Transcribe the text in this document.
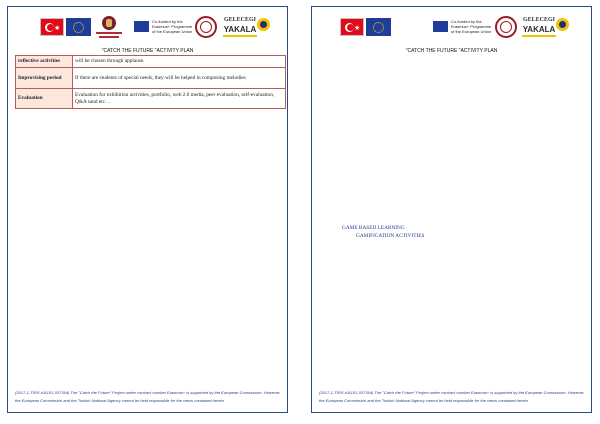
★
Co-funded by the
Erasmus+ Programme
of the European Union
GELECEGI
YAKALA
"CATCH THE FUTURE "ACTIVITY PLAN
reflective activities	will be chosen through applause.
Improvising period	If there are students of special needs, they will be helped in composing melodies
Evaluation	Evaluation for exhibition activities, portfolio, web 2.0 media, peer evaluation, self-evaluation, Q&A sand etc…
(2017-1-TR01-KA101-037364) The "Catch the Future" Project under contract number Erasmus+ is supported by the European Commission. However, the European Commission and the Turkish National Agency cannot be held responsible for the views contained herein.
★
Co-funded by the
Erasmus+ Programme
of the European Union
GELECEGI
YAKALA
"CATCH THE FUTURE "ACTIVITY PLAN
GAME BASED LEARNING
GAMIFICATION ACTIVITIES
(2017-1-TR01-KA101-037364) The "Catch the Future" Project under contract number Erasmus+ is supported by the European Commission. However, the European Commission and the Turkish National Agency cannot be held responsible for the views contained herein.
